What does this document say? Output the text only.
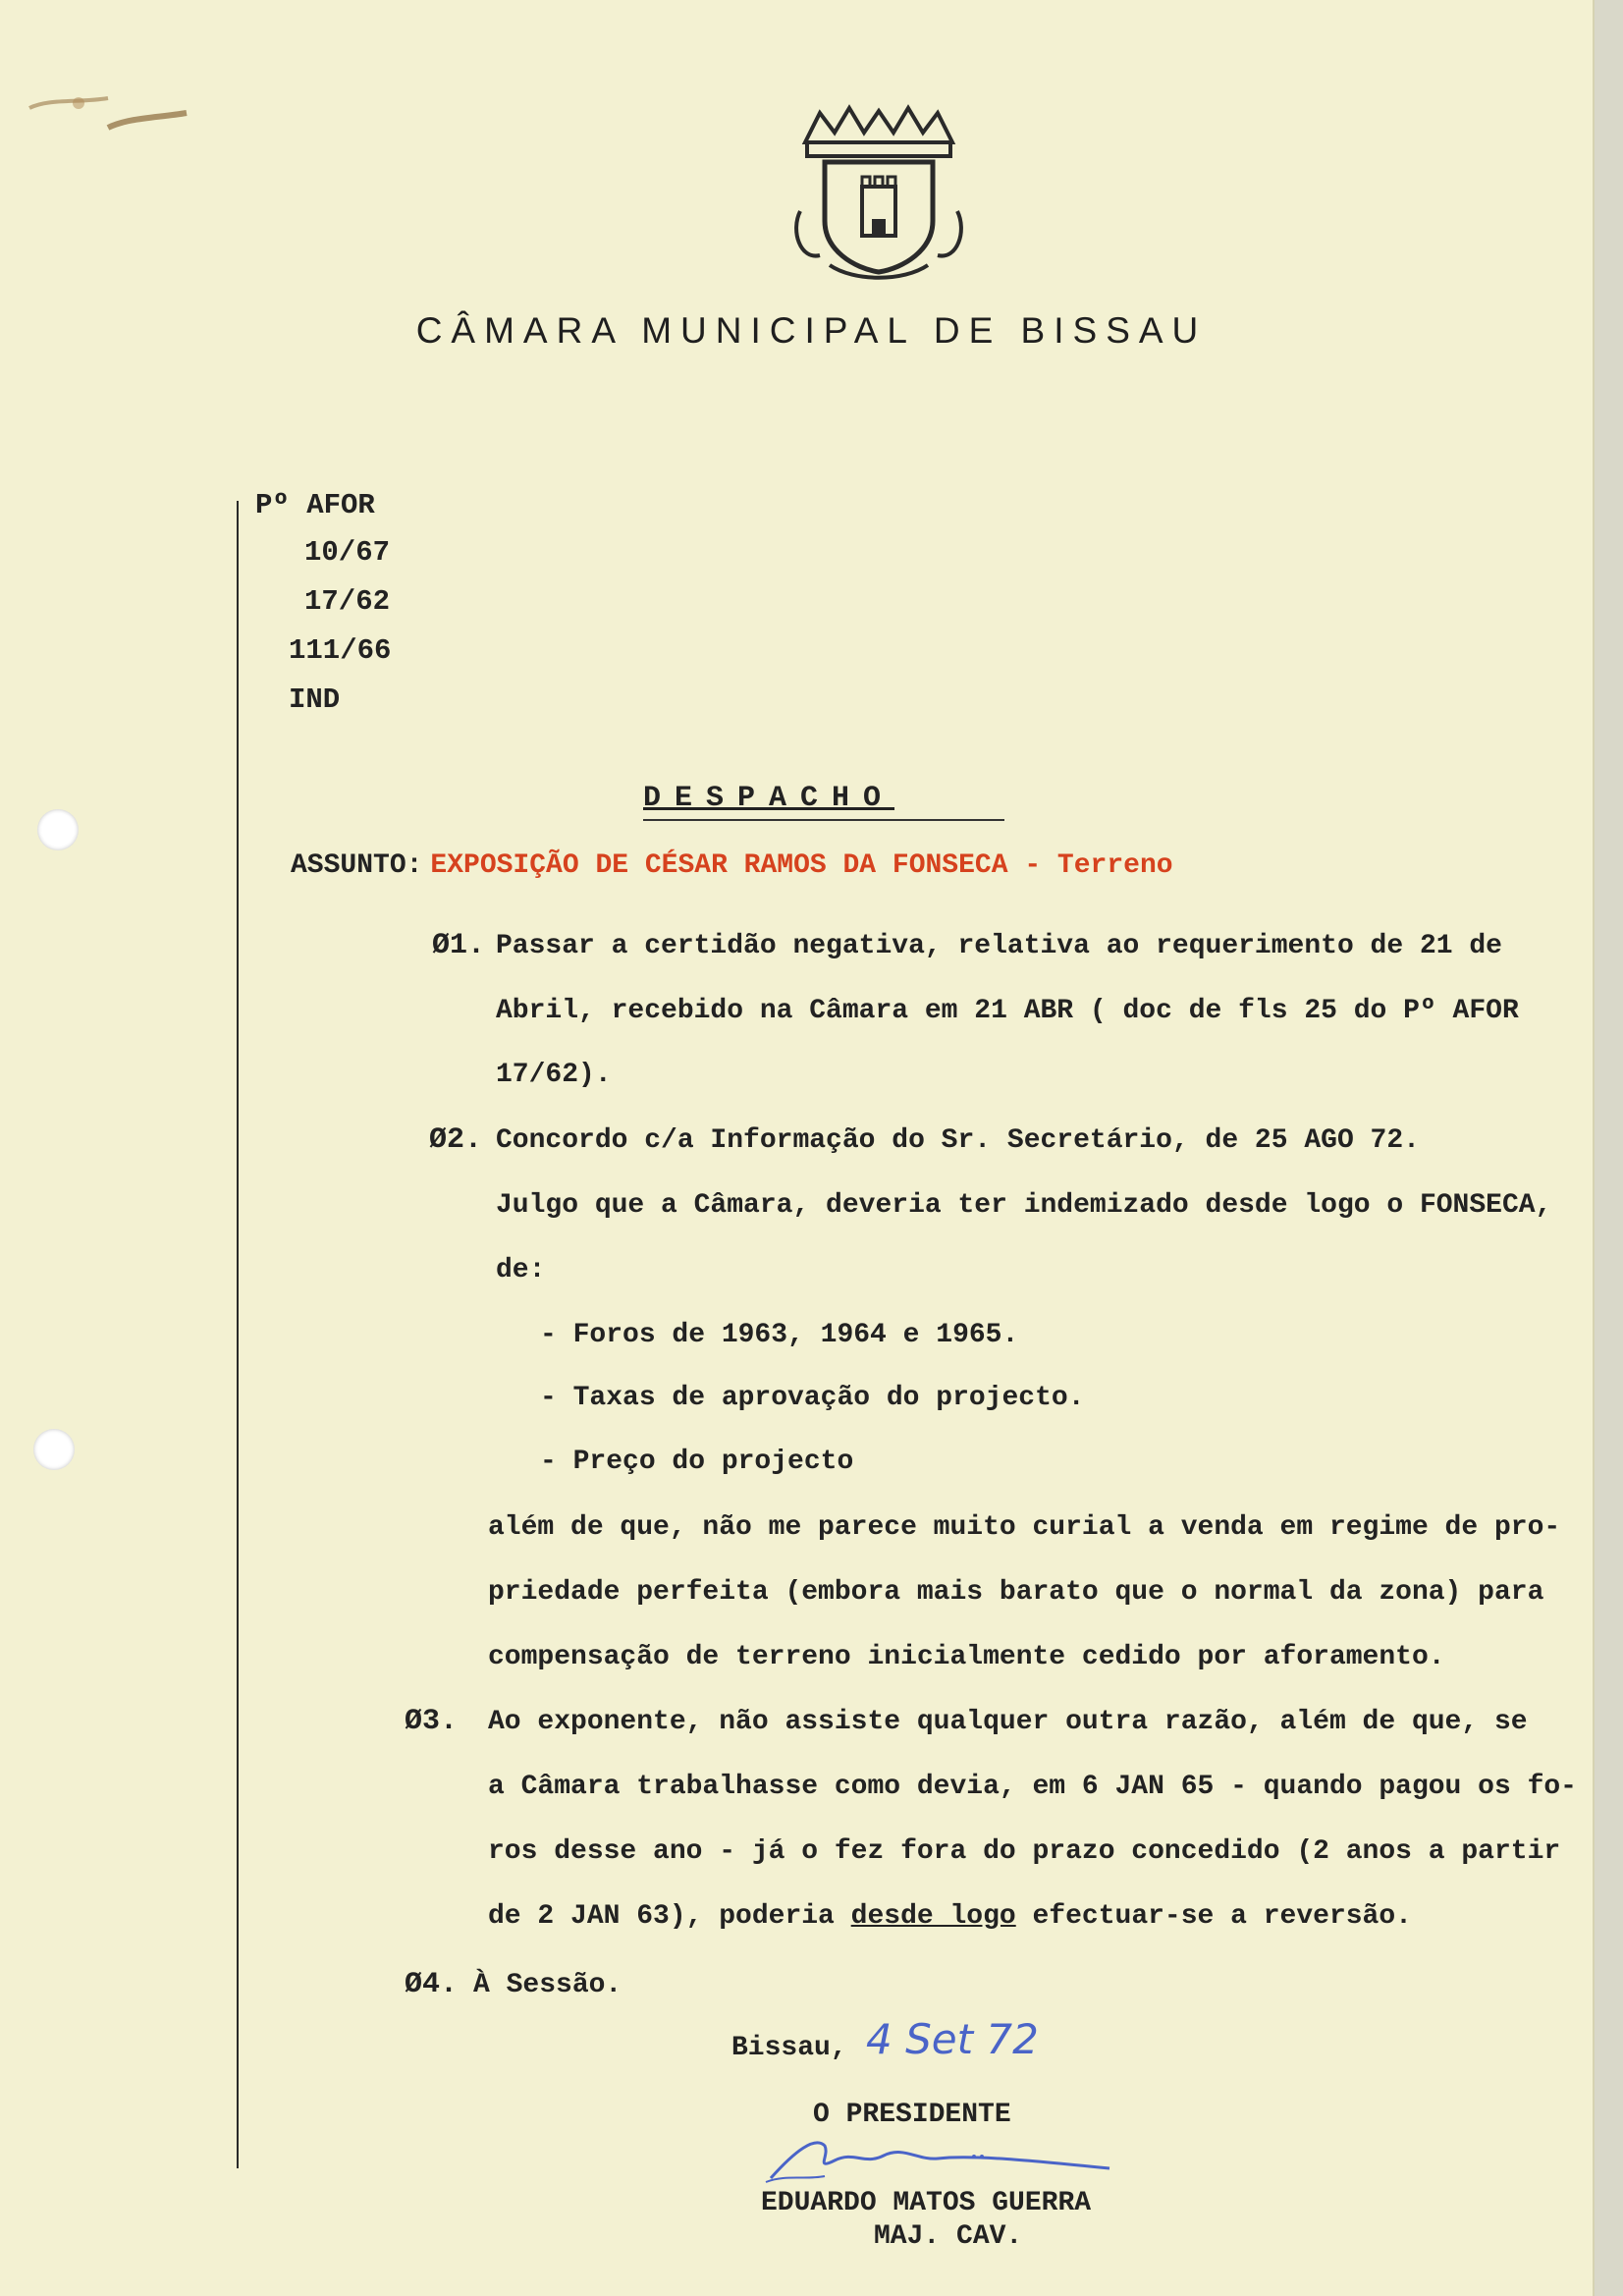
CÂMARA MUNICIPAL DE BISSAU
Pº AFOR
10/67
17/62
111/66
IND
DESPACHO
ASSUNTO: EXPOSIÇÃO DE CÉSAR RAMOS DA FONSECA - Terreno
Ø1. Passar a certidão negativa, relativa ao requerimento de 21 de
Abril, recebido na Câmara em 21 ABR ( doc de fls 25 do Pº AFOR
17/62).
Ø2. Concordo c/a Informação do Sr. Secretário, de 25 AGO 72.
Julgo que a Câmara, deveria ter indemizado desde logo o FONSECA,
de:
- Foros de 1963, 1964 e 1965.
- Taxas de aprovação do projecto.
- Preço do projecto
além de que, não me parece muito curial a venda em regime de pro-
priedade perfeita (embora mais barato que o normal da zona) para
compensação de terreno inicialmente cedido por aforamento.
Ø3. Ao exponente, não assiste qualquer outra razão, além de que, se
a Câmara trabalhasse como devia, em 6 JAN 65 - quando pagou os fo-
ros desse ano - já o fez fora do prazo concedido (2 anos a partir
de 2 JAN 63), poderia desde logo efectuar-se a reversão.
Ø4. À Sessão.
Bissau, 4 Set 72
O PRESIDENTE
EDUARDO MATOS GUERRA
MAJ. CAV.
